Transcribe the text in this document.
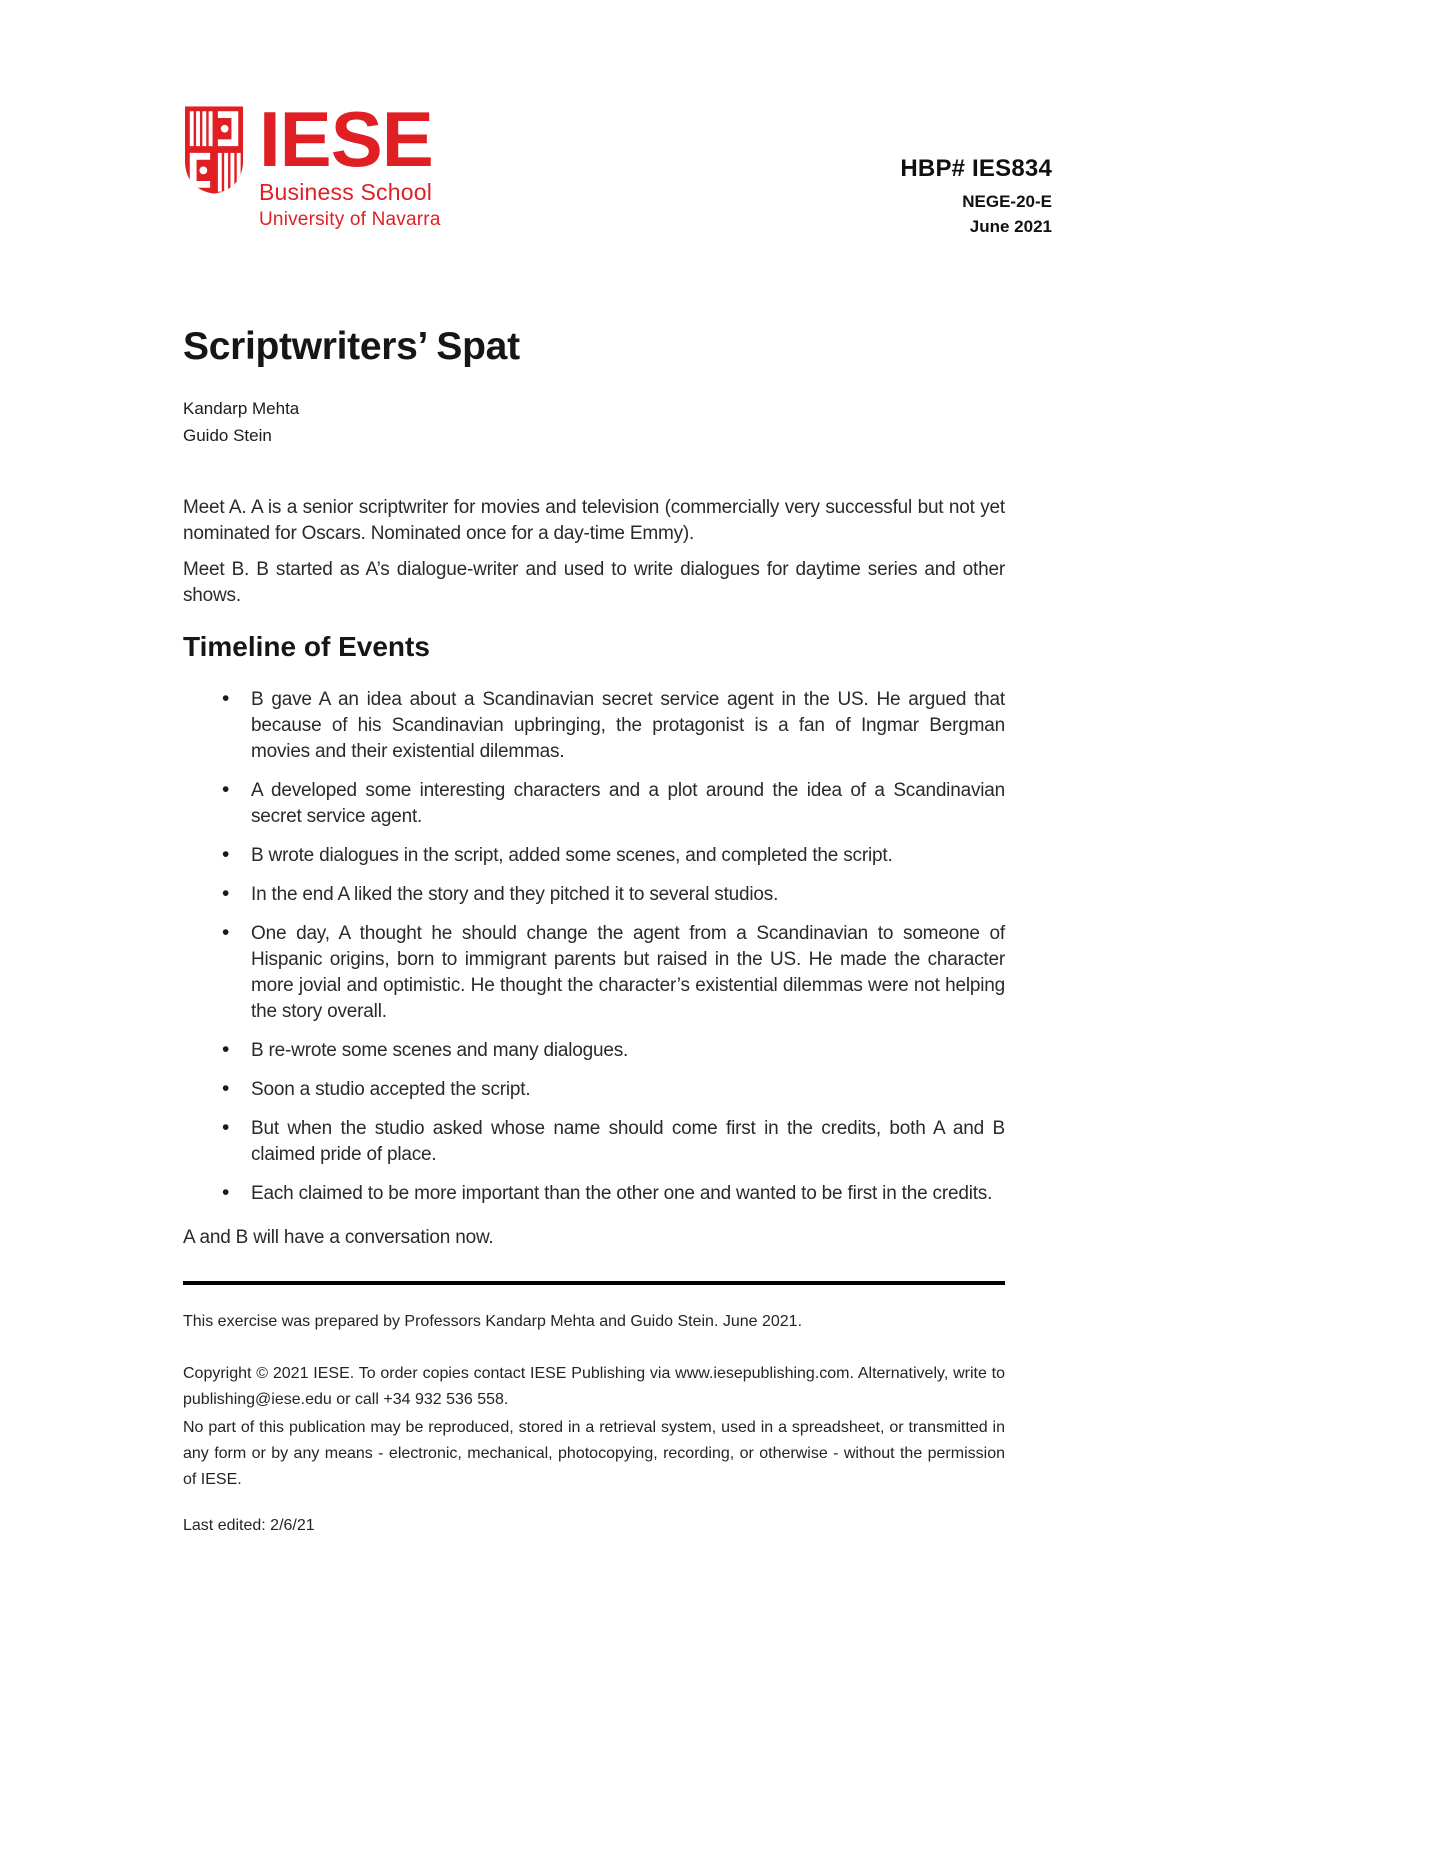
HBP# IES834
NEGE-20-E
June 2021
IESE
Business School
University of Navarra
Scriptwriters’ Spat
Kandarp Mehta
Guido Stein

Meet A. A is a senior scriptwriter for movies and television (commercially very successful but not yet nominated for Oscars. Nominated once for a day-time Emmy).

Meet B. B started as A’s dialogue-writer and used to write dialogues for daytime series and other shows.

Timeline of Events
• B gave A an idea about a Scandinavian secret service agent in the US. He argued that because of his Scandinavian upbringing, the protagonist is a fan of Ingmar Bergman movies and their existential dilemmas.
• A developed some interesting characters and a plot around the idea of a Scandinavian secret service agent.
• B wrote dialogues in the script, added some scenes, and completed the script.
• In the end A liked the story and they pitched it to several studios.
• One day, A thought he should change the agent from a Scandinavian to someone of Hispanic origins, born to immigrant parents but raised in the US. He made the character more jovial and optimistic. He thought the character’s existential dilemmas were not helping the story overall.
• B re-wrote some scenes and many dialogues.
• Soon a studio accepted the script.
• But when the studio asked whose name should come first in the credits, both A and B claimed pride of place.
• Each claimed to be more important than the other one and wanted to be first in the credits.

A and B will have a conversation now.

This exercise was prepared by Professors Kandarp Mehta and Guido Stein. June 2021.

Copyright © 2021 IESE. To order copies contact IESE Publishing via www.iesepublishing.com. Alternatively, write to publishing@iese.edu or call +34 932 536 558.

No part of this publication may be reproduced, stored in a retrieval system, used in a spreadsheet, or transmitted in any form or by any means - electronic, mechanical, photocopying, recording, or otherwise - without the permission of IESE.

Last edited: 2/6/21
